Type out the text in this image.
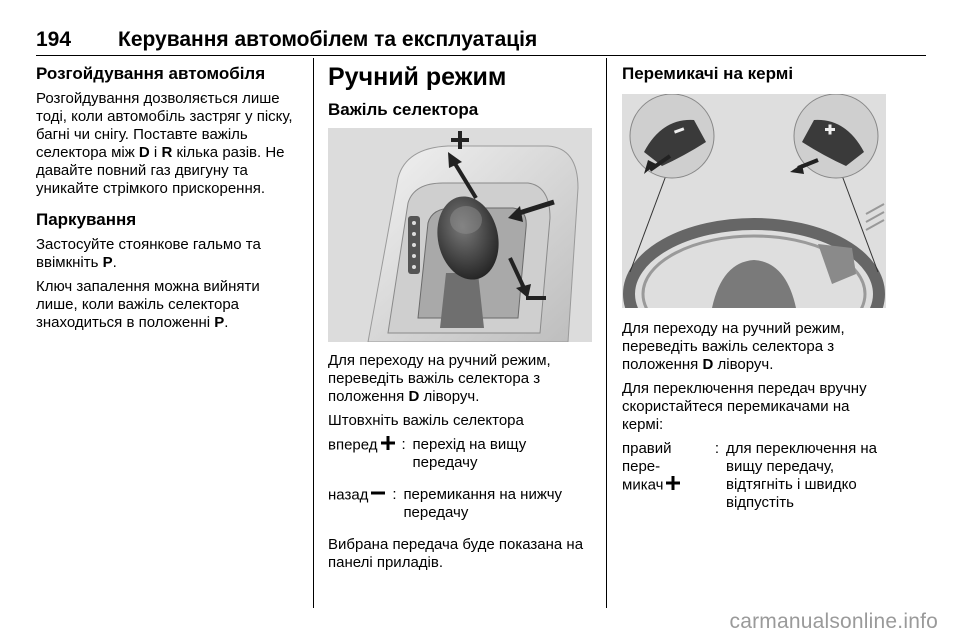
194 Керування автомобілем та експлуатація
Розгойдування автомобіля

Розгойдування дозволяється лише тоді, коли автомобіль застряг у піску, багні чи снігу. Поставте важіль селектора між D і R кілька разів. Не давайте повний газ двигуну та уникайте стрімкого прискорення.

Паркування

Застосуйте стоянкове гальмо та ввімкніть P.

Ключ запалення можна вийняти лише, коли важіль селектора знаходиться в положенні P.

Ручний режим
Важіль селектора

Для переходу на ручний режим, переведіть важіль селектора з положення D ліворуч.

Штовхніть важіль селектора

вперед	: перехід на вищу передачу
назад	: перемикання на нижчу передачу

Вибрана передача буде показана на панелі приладів.

Перемикачі на кермі

Для переходу на ручний режим, переведіть важіль селектора з положення D ліворуч.

Для переключення передач вручну скористайтеся перемикачами на кермі:

правий
пере-
микач
: для переключення на вищу передачу, відтягніть і швидко відпустіть
carmanualsonline.info
